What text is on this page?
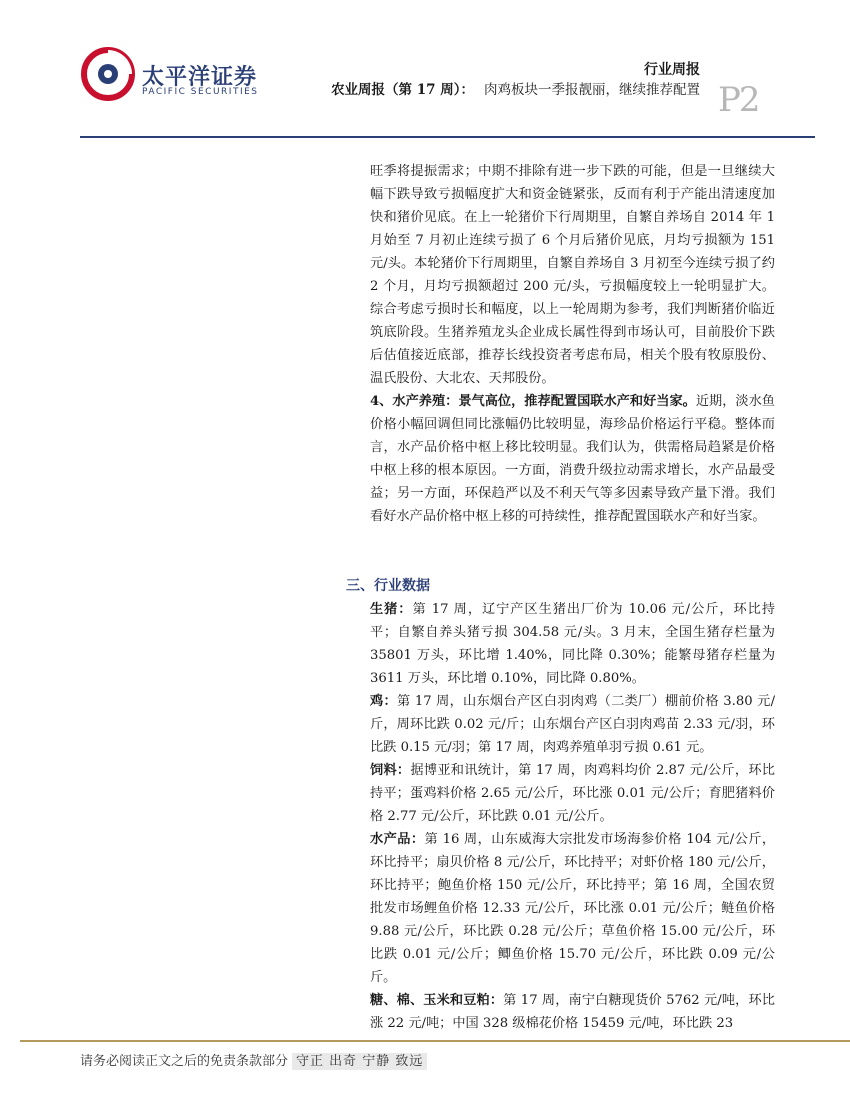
太平洋证券
PACIFIC SECURITIES
行业周报
农业周报（第 17 周）： 肉鸡板块一季报靓丽，继续推荐配置 P2

旺季将提振需求；中期不排除有进一步下跌的可能，但是一旦继续大幅下跌导致亏损幅度扩大和资金链紧张，反而有利于产能出清速度加快和猪价见底。在上一轮猪价下行周期里，自繁自养场自 2014 年 1 月始至 7 月初止连续亏损了 6 个月后猪价见底，月均亏损额为 151 元/头。本轮猪价下行周期里，自繁自养场自 3 月初至今连续亏损了约 2 个月，月均亏损额超过 200 元/头，亏损幅度较上一轮明显扩大。综合考虑亏损时长和幅度，以上一轮周期为参考，我们判断猪价临近筑底阶段。生猪养殖龙头企业成长属性得到市场认可，目前股价下跌后估值接近底部，推荐长线投资者考虑布局，相关个股有牧原股份、温氏股份、大北农、天邦股份。

4、水产养殖：景气高位，推荐配置国联水产和好当家。近期，淡水鱼价格小幅回调但同比涨幅仍比较明显，海珍品价格运行平稳。整体而言，水产品价格中枢上移比较明显。我们认为，供需格局趋紧是价格中枢上移的根本原因。一方面，消费升级拉动需求增长，水产品最受益；另一方面，环保趋严以及不利天气等多因素导致产量下滑。我们看好水产品价格中枢上移的可持续性，推荐配置国联水产和好当家。

三、行业数据

生猪：第 17 周，辽宁产区生猪出厂价为 10.06 元/公斤，环比持平；自繁自养头猪亏损 304.58 元/头。3 月末，全国生猪存栏量为 35801 万头，环比增 1.40%，同比降 0.30%；能繁母猪存栏量为 3611 万头，环比增 0.10%，同比降 0.80%。

鸡：第 17 周，山东烟台产区白羽肉鸡（二类厂）棚前价格 3.80 元/斤，周环比跌 0.02 元/斤；山东烟台产区白羽肉鸡苗 2.33 元/羽，环比跌 0.15 元/羽；第 17 周，肉鸡养殖单羽亏损 0.61 元。

饲料：据博亚和讯统计，第 17 周，肉鸡料均价 2.87 元/公斤，环比持平；蛋鸡料价格 2.65 元/公斤，环比涨 0.01 元/公斤；育肥猪料价格 2.77 元/公斤，环比跌 0.01 元/公斤。

水产品：第 16 周，山东威海大宗批发市场海参价格 104 元/公斤，环比持平；扇贝价格 8 元/公斤，环比持平；对虾价格 180 元/公斤，环比持平；鲍鱼价格 150 元/公斤，环比持平；第 16 周，全国农贸批发市场鲤鱼价格 12.33 元/公斤，环比涨 0.01 元/公斤；鲢鱼价格 9.88 元/公斤，环比跌 0.28 元/公斤；草鱼价格 15.00 元/公斤，环比跌 0.01 元/公斤；鲫鱼价格 15.70 元/公斤，环比跌 0.09 元/公斤。

糖、棉、玉米和豆粕：第 17 周，南宁白糖现货价 5762 元/吨，环比涨 22 元/吨；中国 328 级棉花价格 15459 元/吨，环比跌 23

请务必阅读正文之后的免责条款部分 守正 出奇 宁静 致远
